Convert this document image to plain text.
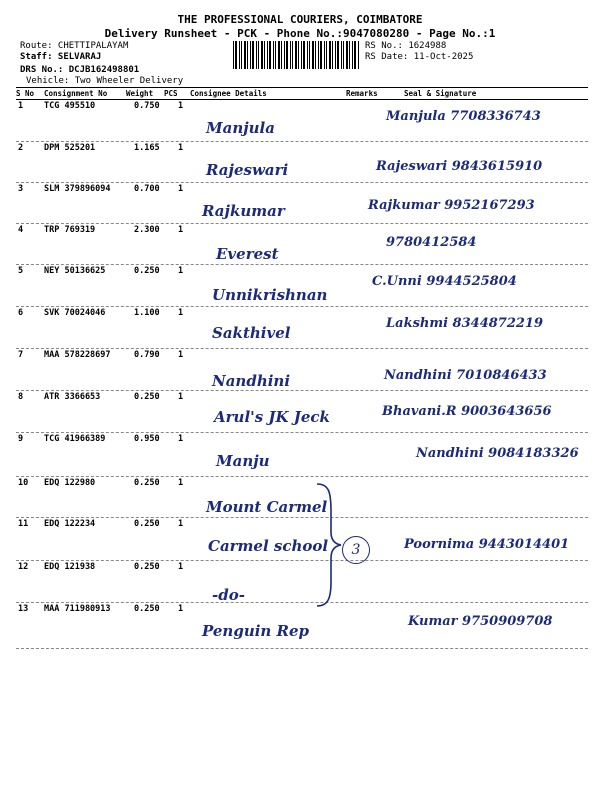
THE PROFESSIONAL COURIERS, COIMBATORE
Delivery Runsheet - PCK - Phone No.:9047080280 - Page No.:1
Route: CHETTIPALAYAM
Staff: SELVARAJ
DRS No.: DCJB162498801
Vehicle: Two Wheeler Delivery
RS No.: 1624988
RS Date: 11-Oct-2025
S No Consignment No	Weight PCS Consignee Details	Remarks	Seal & Signature
1 TCG 495510	0.750 1
Manjula
Manjula 7708336743
2 DPM 525201	1.165 1
Rajeswari	Rajeswari 9843615910
3 SLM 379896094	0.700 1
Rajkumar	Rajkumar 9952167293
4 TRP 769319	2.300 1
Everest
9780412584
5 NEY 50136625	0.250 1
Unnikrishnan
C.Unni 9944525804
6 SVK 70024046	1.100 1
Sakthivel
Lakshmi 8344872219
7 MAA 578228697	0.790 1
Nandhini	Nandhini 7010846433
8 ATR 3366653	0.250 1
Arul's JK Jeck	Bhavani.R 9003643656
9 TCG 41966389	0.950 1
Manju	Nandhini 9084183326
10 EDQ 122980	0.250 1
Mount Carmel
11 EDQ 122234	0.250 1
Carmel school	Poornima 9443014401
12 EDQ 121938	0.250 1
-do-
13 MAA 711980913	0.250 1
Penguin Rep
Kumar 9750909708
3
